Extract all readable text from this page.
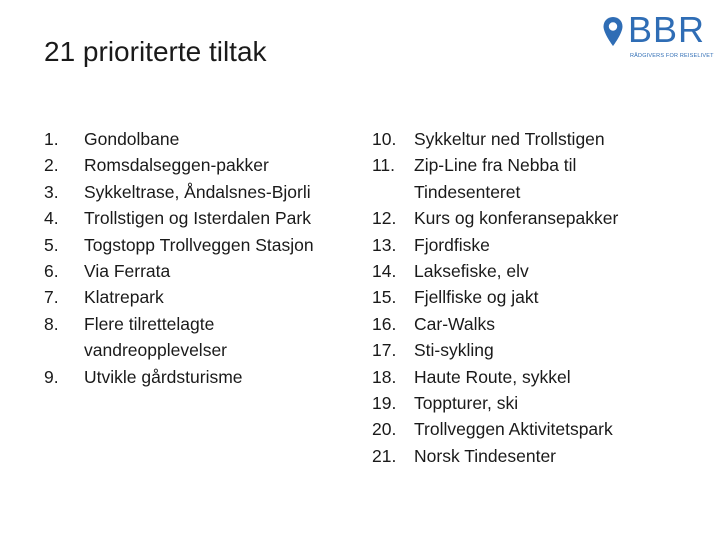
21 prioriterte tiltak
BBR
RÅDGIVERS FOR REISELIVET
1.	Gondolbane
2.	Romsdalseggen-pakker
3.	Sykkeltrase, Åndalsnes-Bjorli
4.	Trollstigen og Isterdalen Park
5.	Togstopp Trollveggen Stasjon
6.	Via Ferrata
7.	Klatrepark
8.	Flere tilrettelagte vandreopplevelser
9.	Utvikle gårdsturisme
10.	Sykkeltur ned Trollstigen
11.	Zip-Line fra Nebba til Tindesenteret
12.	Kurs og konferansepakker
13.	Fjordfiske
14.	Laksefiske, elv
15.	Fjellfiske og jakt
16.	Car-Walks
17.	Sti-sykling
18.	Haute Route, sykkel
19.	Toppturer, ski
20.	Trollveggen Aktivitetspark
21.	Norsk Tindesenter
